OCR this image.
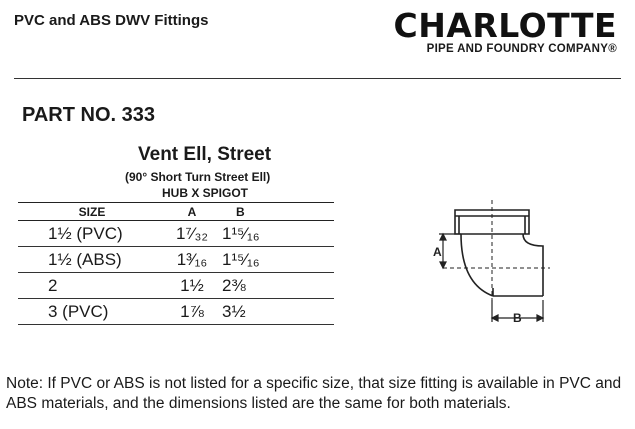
PVC and ABS DWV Fittings	CHARLOTTE
PIPE AND FOUNDRY COMPANY®
PART NO. 333
Vent Ell, Street
(90° Short Turn Street Ell)
HUB X SPIGOT
SIZE	A	B	
1½ (PVC)	1⁷⁄₃₂	1¹⁵⁄₁₆	
1½ (ABS)	1³⁄₁₆	1¹⁵⁄₁₆	
2	1½	2⅜	
3 (PVC)	1⅞	3½	
A
B
Note: If PVC or ABS is not listed for a specific size, that size fitting is available in PVC and ABS materials, and the dimensions listed are the same for both materials.
